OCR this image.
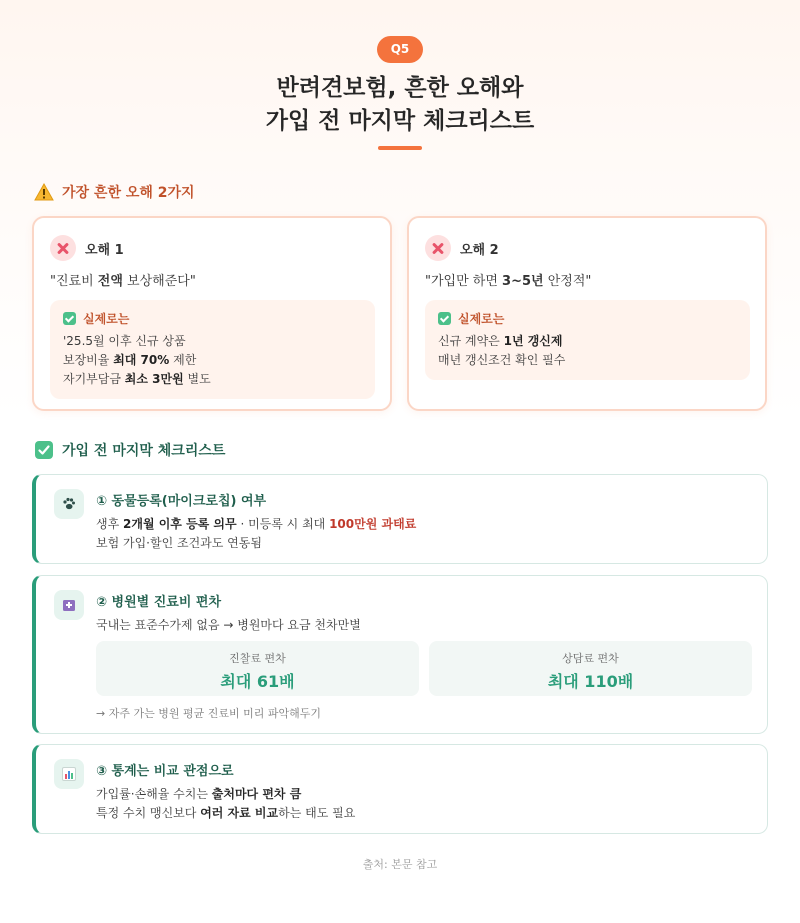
Q5
반려견보험, 흔한 오해와
가입 전 마지막 체크리스트
가장 흔한 오해 2가지
오해 1
"진료비 전액 보상해준다"
실제로는
'25.5월 이후 신규 상품
보장비율 최대 70% 제한
자기부담금 최소 3만원 별도
오해 2
"가입만 하면 3~5년 안정적"
실제로는
신규 계약은 1년 갱신제
매년 갱신조건 확인 필수
가입 전 마지막 체크리스트
① 동물등록(마이크로칩) 여부
생후 2개월 이후 등록 의무 · 미등록 시 최대 100만원 과태료
보험 가입·할인 조건과도 연동됨
② 병원별 진료비 편차
국내는 표준수가제 없음 → 병원마다 요금 천차만별
진찰료 편차
최대 61배
상담료 편차
최대 110배
→ 자주 가는 병원 평균 진료비 미리 파악해두기
③ 통계는 비교 관점으로
가입률·손해율 수치는 출처마다 편차 큼
특정 수치 맹신보다 여러 자료 비교하는 태도 필요
출처: 본문 참고
